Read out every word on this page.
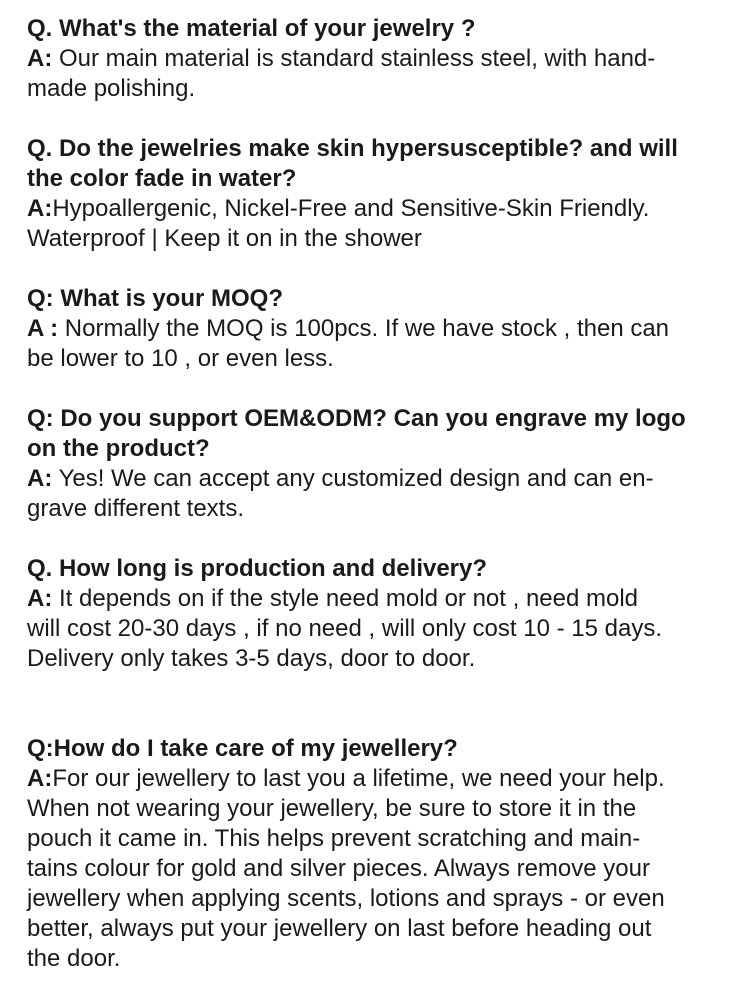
Q. What's the material of your jewelry ?
A: Our main material is standard stainless steel, with hand-
made polishing.
Q. Do the jewelries make skin hypersusceptible? and will
the color fade in water?
A:Hypoallergenic, Nickel-Free and Sensitive-Skin Friendly.
Waterproof | Keep it on in the shower
Q: What is your MOQ?
A : Normally the MOQ is 100pcs. If we have stock , then can
be lower to 10 , or even less.
Q: Do you support OEM&ODM? Can you engrave my logo
on the product?
A: Yes! We can accept any customized design and can en-
grave different texts.
Q. How long is production and delivery?
A: It depends on if the style need mold or not , need mold
will cost 20-30 days , if no need , will only cost 10 - 15 days.
Delivery only takes 3-5 days, door to door.
Q:How do I take care of my jewellery?
A:For our jewellery to last you a lifetime, we need your help.
When not wearing your jewellery, be sure to store it in the
pouch it came in. This helps prevent scratching and main-
tains colour for gold and silver pieces. Always remove your
jewellery when applying scents, lotions and sprays - or even
better, always put your jewellery on last before heading out
the door.
